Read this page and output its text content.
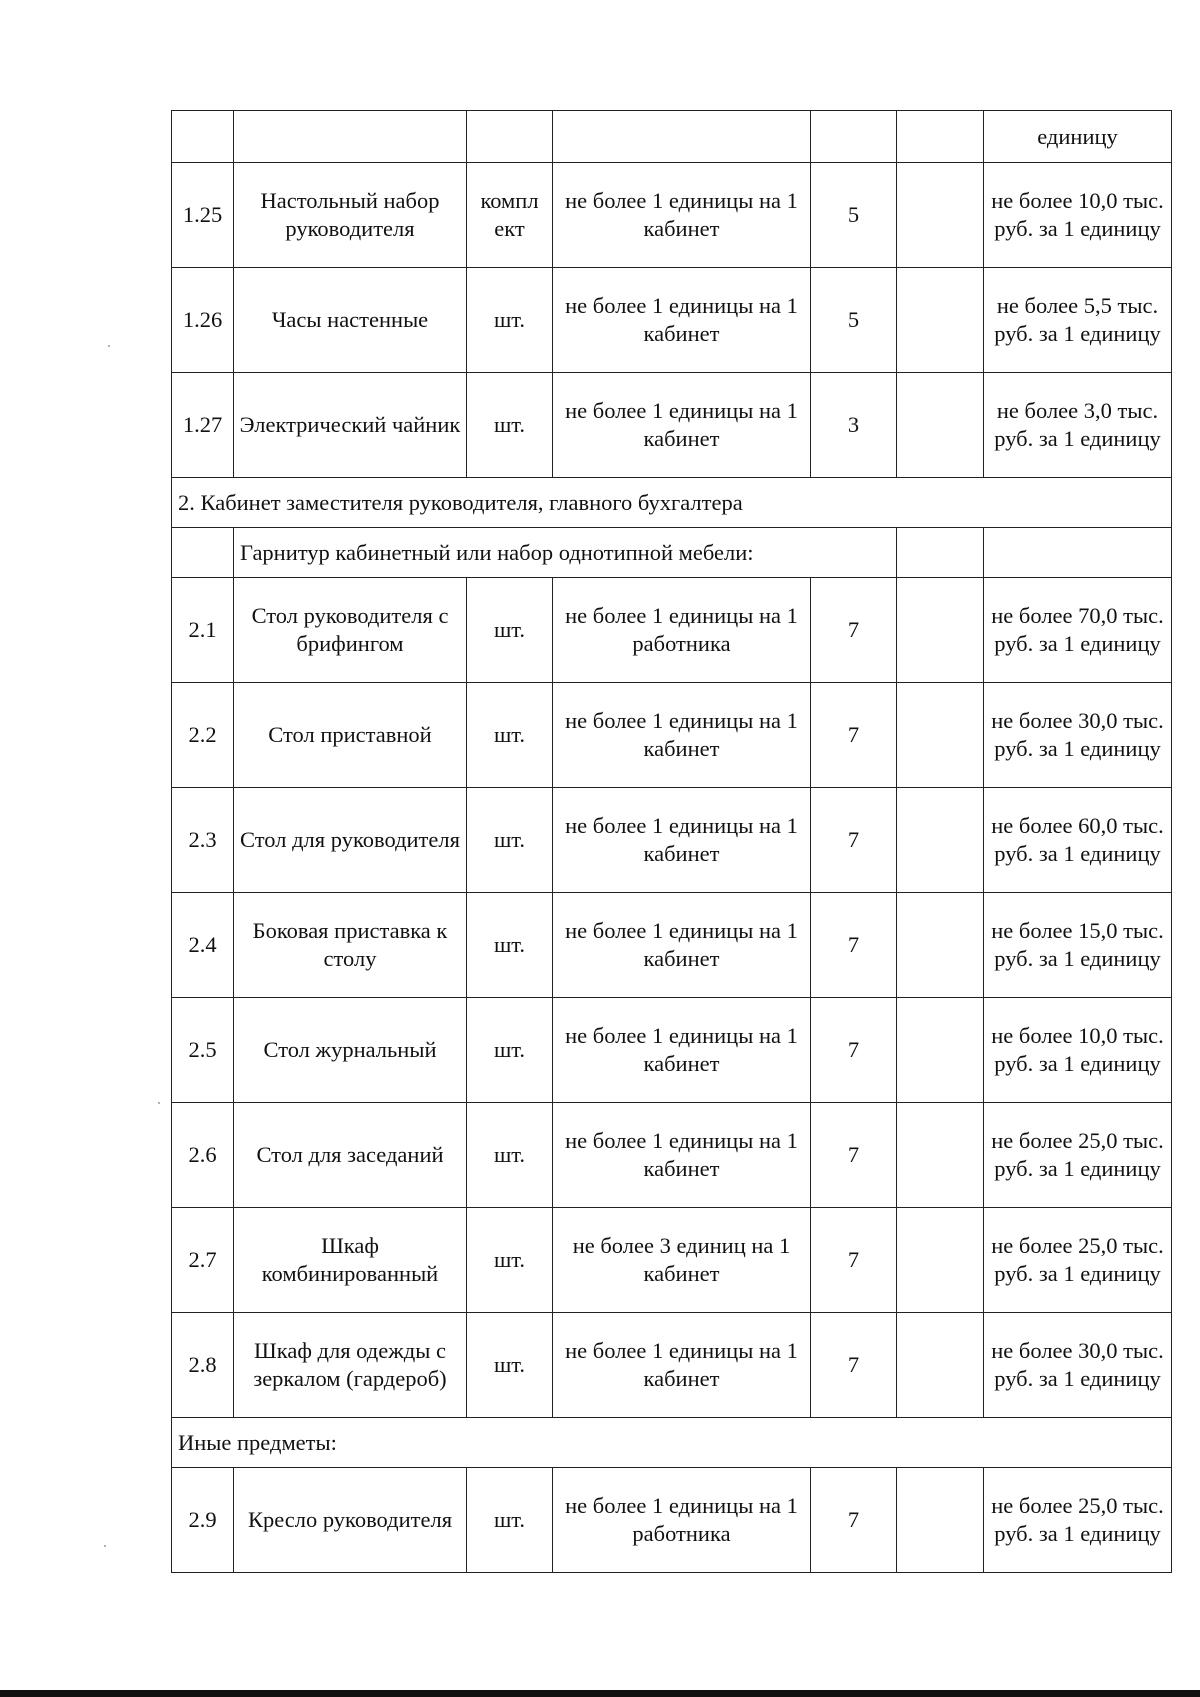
						единицу
1.25	Настольный набор руководителя	компл ект	не более 1 единицы на 1 кабинет	5		не более 10,0 тыс. руб. за 1 единицу
1.26	Часы настенные	шт.	не более 1 единицы на 1 кабинет	5		не более 5,5 тыс. руб. за 1 единицу
1.27	Электрический чайник	шт.	не более 1 единицы на 1 кабинет	3		не более 3,0 тыс. руб. за 1 единицу
2. Кабинет заместителя руководителя, главного бухгалтера						
	Гарнитур кабинетный или набор однотипной мебели:					
2.1	Стол руководителя с брифингом	шт.	не более 1 единицы на 1 работника	7		не более 70,0 тыс. руб. за 1 единицу
2.2	Стол приставной	шт.	не более 1 единицы на 1 кабинет	7		не более 30,0 тыс. руб. за 1 единицу
2.3	Стол для руководителя	шт.	не более 1 единицы на 1 кабинет	7		не более 60,0 тыс. руб. за 1 единицу
2.4	Боковая приставка к столу	шт.	не более 1 единицы на 1 кабинет	7		не более 15,0 тыс. руб. за 1 единицу
2.5	Стол журнальный	шт.	не более 1 единицы на 1 кабинет	7		не более 10,0 тыс. руб. за 1 единицу
2.6	Стол для заседаний	шт.	не более 1 единицы на 1 кабинет	7		не более 25,0 тыс. руб. за 1 единицу
2.7	Шкаф комбинированный	шт.	не более 3 единиц на 1 кабинет	7		не более 25,0 тыс. руб. за 1 единицу
2.8	Шкаф для одежды с зеркалом (гардероб)	шт.	не более 1 единицы на 1 кабинет	7		не более 30,0 тыс. руб. за 1 единицу
Иные предметы:						
2.9	Кресло руководителя	шт.	не более 1 единицы на 1 работника	7		не более 25,0 тыс. руб. за 1 единицу
